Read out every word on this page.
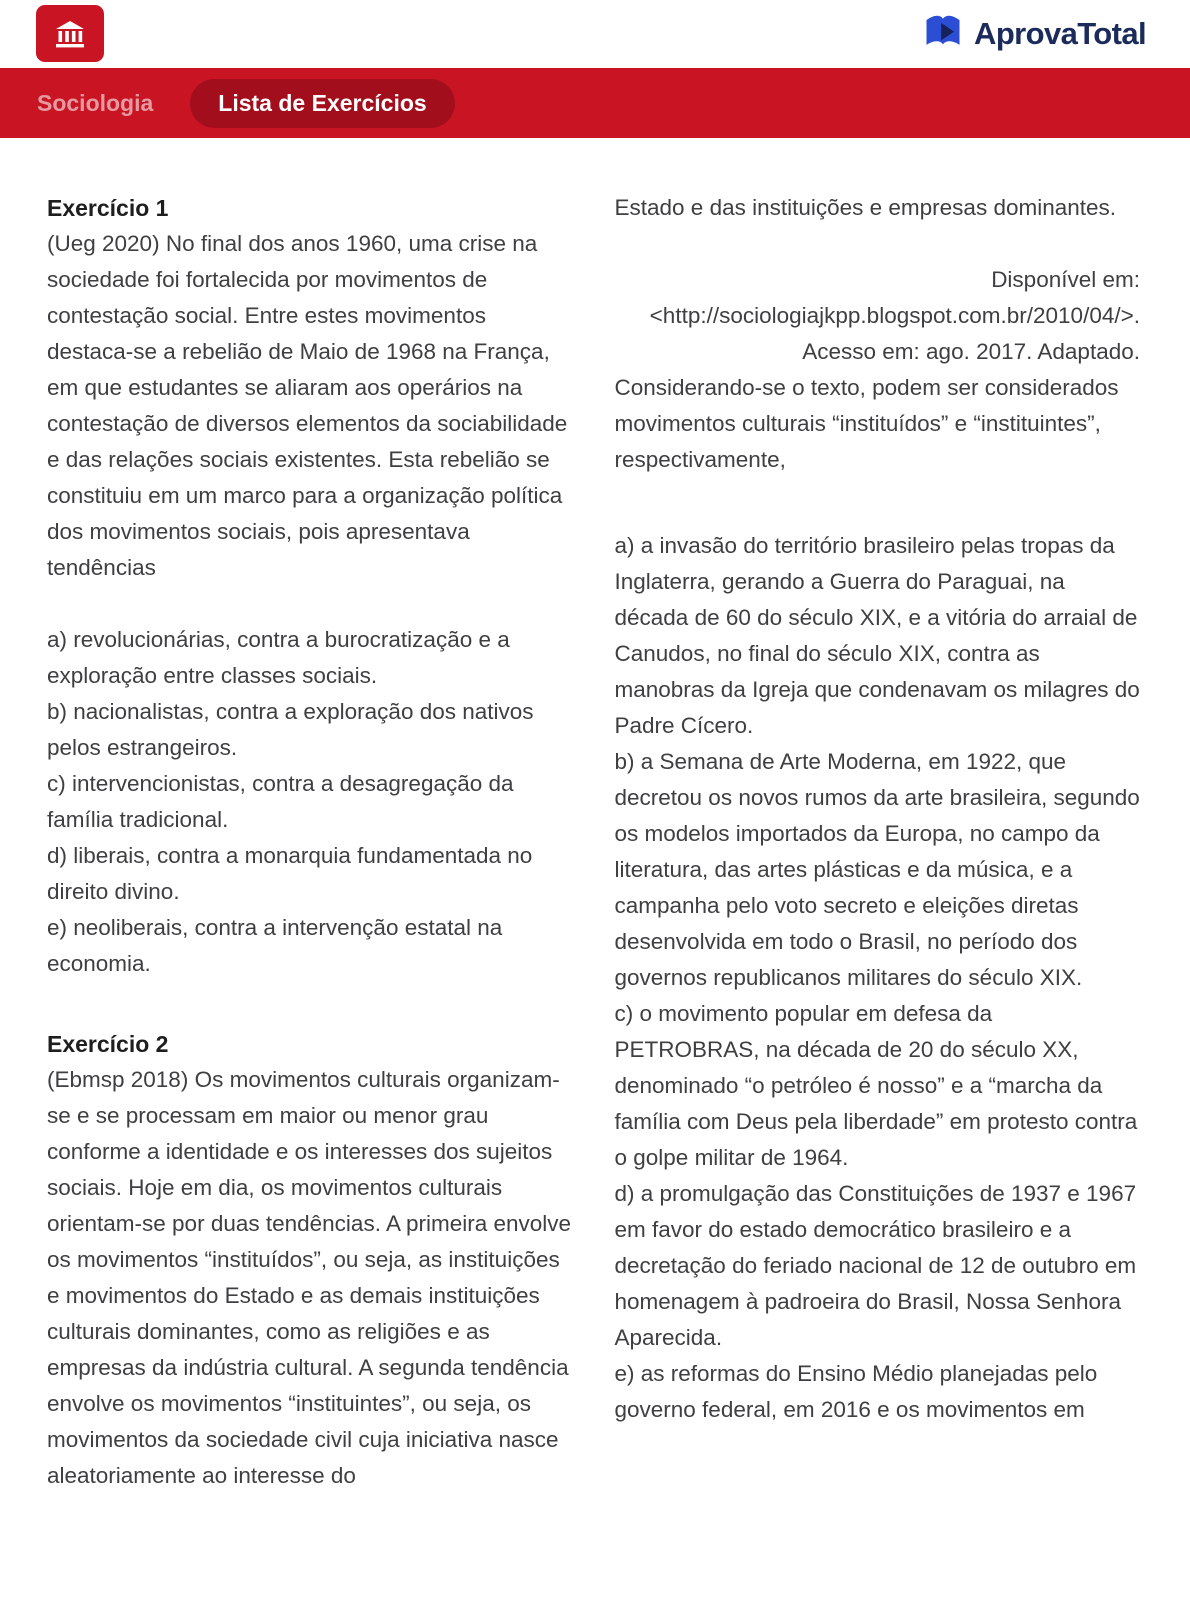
AprovaTotal
Sociologia	Lista de Exercícios
Exercício 1

(Ueg 2020) No final dos anos 1960, uma crise na sociedade foi fortalecida por movimentos de contestação social. Entre estes movimentos destaca-se a rebelião de Maio de 1968 na França, em que estudantes se aliaram aos operários na contestação de diversos elementos da sociabilidade e das relações sociais existentes. Esta rebelião se constituiu em um marco para a organização política dos movimentos sociais, pois apresentava tendências

a) revolucionárias, contra a burocratização e a exploração entre classes sociais.

b) nacionalistas, contra a exploração dos nativos pelos estrangeiros.

c) intervencionistas, contra a desagregação da família tradicional.

d) liberais, contra a monarquia fundamentada no direito divino.

e) neoliberais, contra a intervenção estatal na economia.

Exercício 2

(Ebmsp 2018) Os movimentos culturais organizam-se e se processam em maior ou menor grau conforme a identidade e os interesses dos sujeitos sociais. Hoje em dia, os movimentos culturais orientam-se por duas tendências. A primeira envolve os movimentos “instituídos”, ou seja, as instituições e movimentos do Estado e as demais instituições culturais dominantes, como as religiões e as empresas da indústria cultural. A segunda tendência envolve os movimentos “instituintes”, ou seja, os movimentos da sociedade civil cuja iniciativa nasce aleatoriamente ao interesse do

Estado e das instituições e empresas dominantes.

Disponível em:

<http://sociologiajkpp.blogspot.com.br/2010/04/>.

Acesso em: ago. 2017. Adaptado.

Considerando-se o texto, podem ser considerados movimentos culturais “instituídos” e “instituintes”, respectivamente,

a) a invasão do território brasileiro pelas tropas da Inglaterra, gerando a Guerra do Paraguai, na década de 60 do século XIX, e a vitória do arraial de Canudos, no final do século XIX, contra as manobras da Igreja que condenavam os milagres do Padre Cícero.

b) a Semana de Arte Moderna, em 1922, que decretou os novos rumos da arte brasileira, segundo os modelos importados da Europa, no campo da literatura, das artes plásticas e da música, e a campanha pelo voto secreto e eleições diretas desenvolvida em todo o Brasil, no período dos governos republicanos militares do século XIX.

c) o movimento popular em defesa da PETROBRAS, na década de 20 do século XX, denominado “o petróleo é nosso” e a “marcha da família com Deus pela liberdade” em protesto contra o golpe militar de 1964.

d) a promulgação das Constituições de 1937 e 1967 em favor do estado democrático brasileiro e a decretação do feriado nacional de 12 de outubro em homenagem à padroeira do Brasil, Nossa Senhora Aparecida.

e) as reformas do Ensino Médio planejadas pelo governo federal, em 2016 e os movimentos em
